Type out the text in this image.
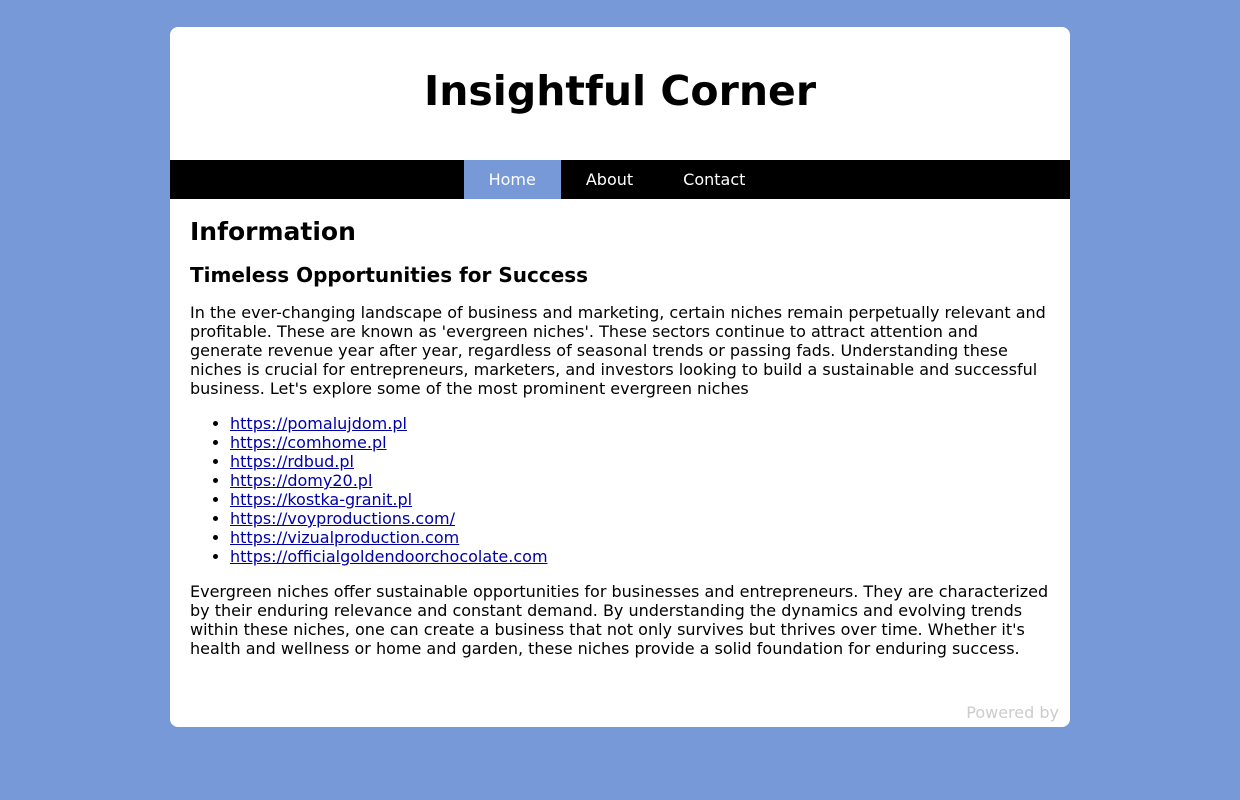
Insightful Corner
Home	About	Contact
Information
Timeless Opportunities for Success

In the ever-changing landscape of business and marketing, certain niches remain perpetually relevant and profitable. These are known as 'evergreen niches'. These sectors continue to attract attention and generate revenue year after year, regardless of seasonal trends or passing fads. Understanding these niches is crucial for entrepreneurs, marketers, and investors looking to build a sustainable and successful business. Let's explore some of the most prominent evergreen niches

• https://pomalujdom.pl
• https://comhome.pl
• https://rdbud.pl
• https://domy20.pl
• https://kostka-granit.pl
• https://voyproductions.com/
• https://vizualproduction.com
• https://officialgoldendoorchocolate.com

Evergreen niches offer sustainable opportunities for businesses and entrepreneurs. They are characterized by their enduring relevance and constant demand. By understanding the dynamics and evolving trends within these niches, one can create a business that not only survives but thrives over time. Whether it's health and wellness or home and garden, these niches provide a solid foundation for enduring success.

Powered by
